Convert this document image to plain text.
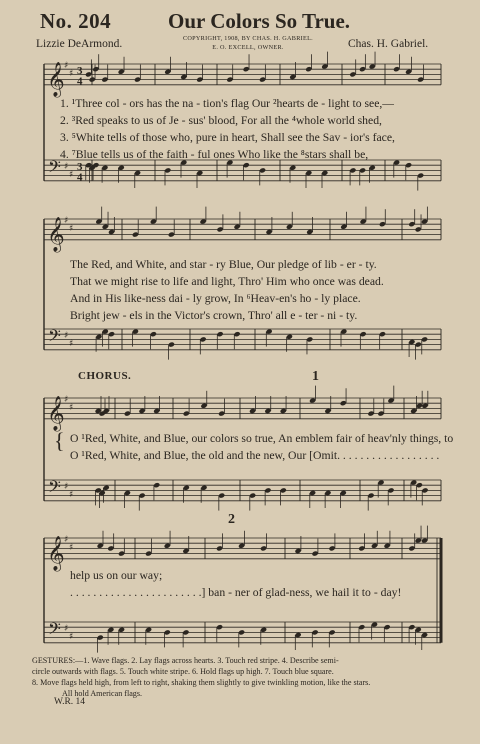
No. 204	Our Colors So True.
COPYRIGHT, 1908, BY CHAS. H. GABRIEL.
E. O. EXCELL, OWNER.
Lizzie DeArmond.	Chas. H. Gabriel.
𝄞
𝄢
♯
♯
♯
♯
3
3
4
4
1. ¹Three col - ors has the na - tion's flag Our ²hearts de - light to see,—
2. ³Red speaks to us of Je - sus' blood, For all the ⁴whole world shed,
3. ⁵White tells of those who, pure in heart, Shall see the Sav - ior's face,
4. ⁷Blue tells us of the faith - ful ones Who like the ⁸stars shall be,
𝄞
𝄢
♯
♯
♯
♯
The Red, and White, and star - ry Blue, Our pledge of lib - er - ty.
That we might rise to life and light, Thro' Him who once was dead.
And in His like-ness dai - ly grow, In ⁶Heav-en's ho - ly place.
Bright jew - els in the Victor's crown, Thro' all e - ter - ni - ty.
CHORUS.	1
𝄞
𝄢
♯
♯
♯
♯
{ O ¹Red, White, and Blue, our colors so true, An emblem fair of heav'nly things, to
O ¹Red, White, and Blue, the old and the new, Our [Omit. . . . . . . . . . . . . . . . . .
2
𝄞
𝄢
♯
♯
♯
♯
help us on our way;
. . . . . . . . . . . . . . . . . . . . . . .] ban - ner of glad-ness, we hail it to - day!
GESTURES:—1. Wave flags. 2. Lay flags across hearts. 3. Touch red stripe. 4. Describe semi-
circle outwards with flags. 5. Touch white stripe. 6. Hold flags up high. 7. Touch blue square.
8. Move flags held high, from left to right, shaking them slightly to give twinkling motion, like the stars.
All hold American flags.
W.R. 14
